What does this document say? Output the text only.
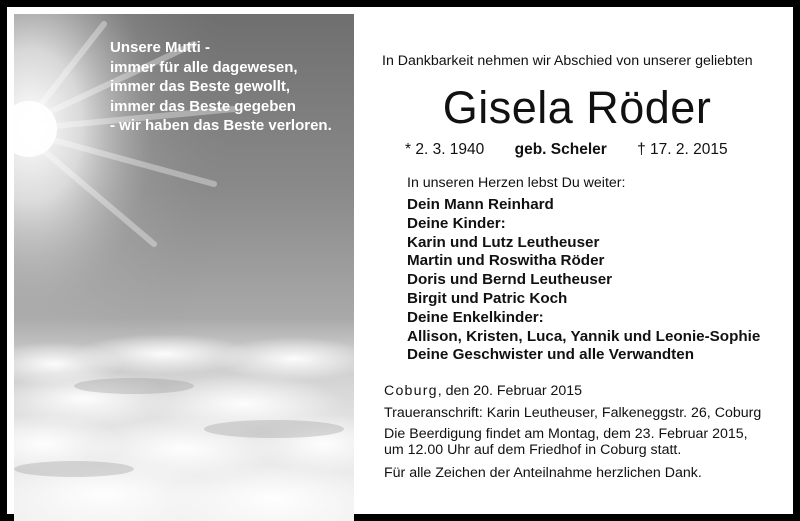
Unsere Mutti -
immer für alle dagewesen,
immer das Beste gewollt,
immer das Beste gegeben
- wir haben das Beste verloren.
In Dankbarkeit nehmen wir Abschied von unserer geliebten
Gisela Röder
* 2. 3. 1940 geb. Scheler † 17. 2. 2015
In unseren Herzen lebst Du weiter:
Dein Mann Reinhard
Deine Kinder:
Karin und Lutz Leutheuser
Martin und Roswitha Röder
Doris und Bernd Leutheuser
Birgit und Patric Koch
Deine Enkelkinder:
Allison, Kristen, Luca, Yannik und Leonie-Sophie
Deine Geschwister und alle Verwandten
Coburg, den 20. Februar 2015
Traueranschrift: Karin Leutheuser, Falkeneggstr. 26, Coburg
Die Beerdigung findet am Montag, dem 23. Februar 2015,
um 12.00 Uhr auf dem Friedhof in Coburg statt.
Für alle Zeichen der Anteilnahme herzlichen Dank.
